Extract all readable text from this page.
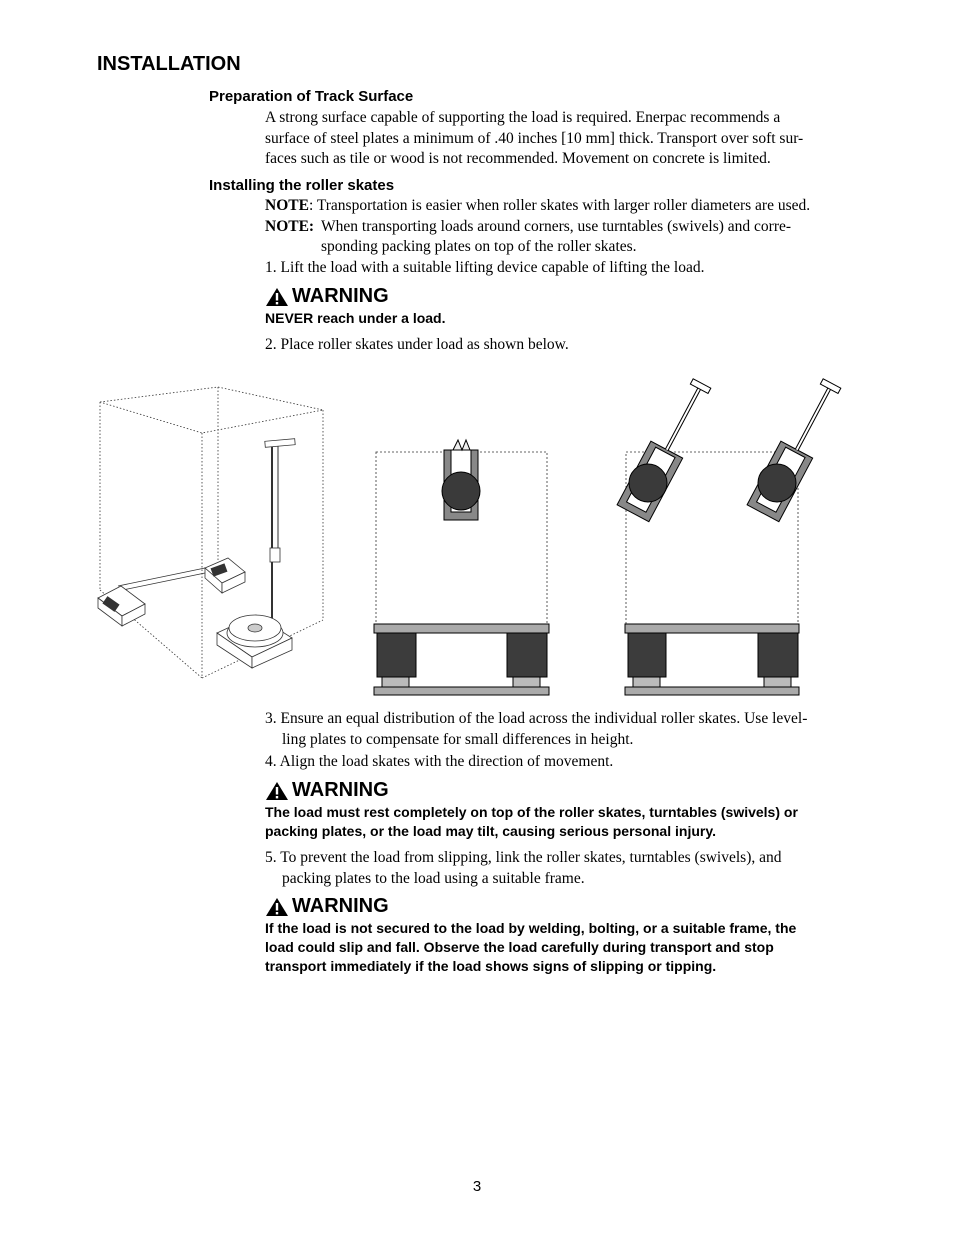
INSTALLATION
Preparation of Track Surface
A strong surface capable of supporting the load is required. Enerpac recommends a
surface of steel plates a minimum of .40 inches [10 mm] thick. Transport over soft sur-
faces such as tile or wood is not recommended. Movement on concrete is limited.
Installing the roller skates
NOTE : Transportation is easier when roller skates with larger roller diameters are used.
NOTE: When transporting loads around corners, use turntables (swivels) and corre-
sponding packing plates on top of the roller skates.
1. Lift the load with a suitable lifting device capable of lifting the load.
WARNING
NEVER reach under a load.
2. Place roller skates under load as shown below.
3. Ensure an equal distribution of the load across the individual roller skates. Use level-
ling plates to compensate for small differences in height.
4. Align the load skates with the direction of movement.
WARNING
The load must rest completely on top of the roller skates, turntables (swivels) or
packing plates, or the load may tilt, causing serious personal injury.
5. To prevent the load from slipping, link the roller skates, turntables (swivels), and
packing plates to the load using a suitable frame.
WARNING
If the load is not secured to the load by welding, bolting, or a suitable frame, the
load could slip and fall. Observe the load carefully during transport and stop
transport immediately if the load shows signs of slipping or tipping.
3
